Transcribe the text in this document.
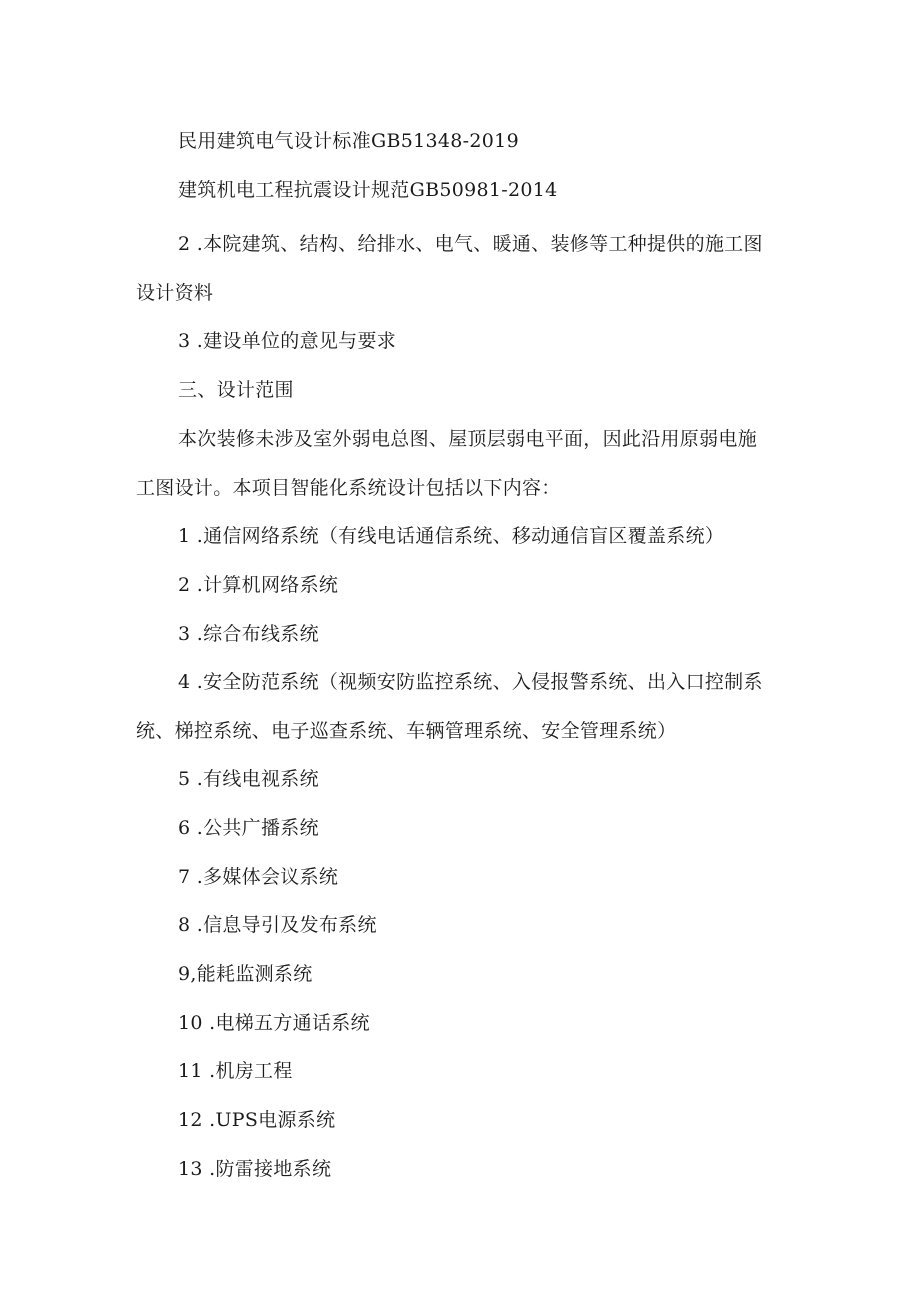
民用建筑电气设计标准GB51348-2019
建筑机电工程抗震设计规范GB50981-2014
2 .本院建筑、结构、给排水、电气、暖通、装修等工种提供的施工图
设计资料
3 .建设单位的意见与要求
三、设计范围
本次装修未涉及室外弱电总图、屋顶层弱电平面，因此沿用原弱电施
工图设计。本项目智能化系统设计包括以下内容：
1 .通信网络系统（有线电话通信系统、移动通信盲区覆盖系统）
2 .计算机网络系统
3 .综合布线系统
4 .安全防范系统（视频安防监控系统、入侵报警系统、出入口控制系
统、梯控系统、电子巡查系统、车辆管理系统、安全管理系统）
5 .有线电视系统
6 .公共广播系统
7 .多媒体会议系统
8 .信息导引及发布系统
9,能耗监测系统
10 .电梯五方通话系统
11 .机房工程
12 .UPS电源系统
13 .防雷接地系统
